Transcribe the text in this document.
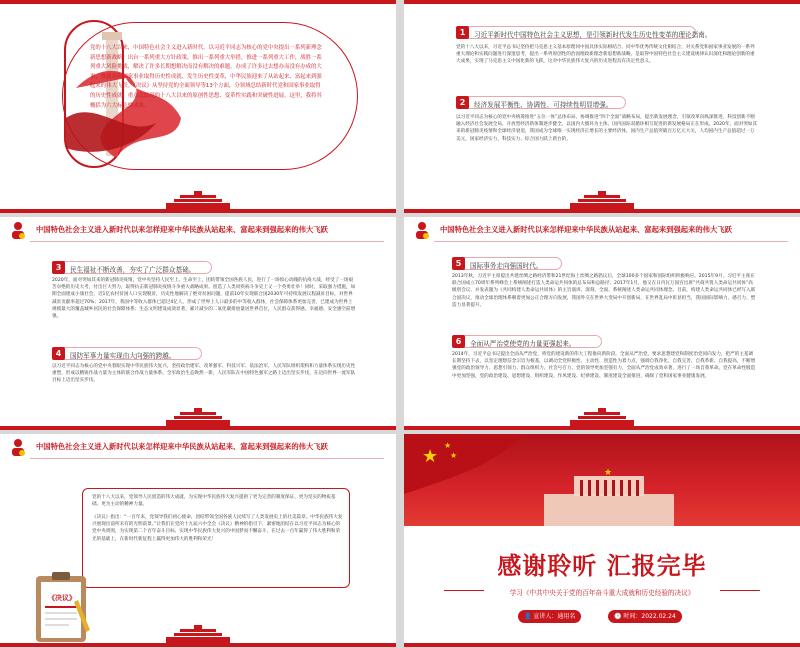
党的十八大以来，中国特色社会主义进入新时代。以习近平同志为核心的党中央提出一系列新理念新思想新战略，出台一系列重大方针政策，推出一系列重大举措，推进一系列重大工作，战胜一系列重大风险挑战，解决了许多长期想解决而没有解决的难题，办成了许多过去想办而没有办成的大事，推动党和国家事业取得历史性成就、发生历史性变革，中华民族迎来了从站起来、富起来到强起来的伟大飞跃。《决议》从坚持党的全面领导等13个方面，分领域总结新时代党和国家事业取得的历史性成就，重点总结党的十八大以来的原创性思想、变革性实践和突破性进展。这里，我将其概括为六大标志性成果。
1	习近平新时代中国特色社会主义思想，是引领新时代发生历史性变革的理论指南。
党的十八大以来，习近平总书记坚持把马克思主义基本原理同中国具体实际相结合、同中华优秀传统文化相结合，对关系党和国家事业发展的一系列重大理论和实践问题进行深邃思考，提出一系列原创性的治国理政新理念新思想新战略，是取得中国特色社会主义建设规律认识深化和理论创新的重大成果，实现了马克思主义中国化新的飞跃，这对中华民族伟大复兴的历史进程具有决定性意义。
2	经济发展平衡性、协调性、可持续性明显增强。
以习近平同志为核心的党中央统筹推进“五位一体”总体布局、协调推进“四个全面”战略布局，提出新发展理念，引领改革向纵深推进，科技创新不断融入经济社会发展全局，开放型经济新体制逐步健全，以国内大循环为主体、国内国际双循环相互促进的新发展格局正在形成。2020年，面对突如其来的新冠肺炎疫情和全球经济衰退，我国成为全球唯一实现经济正增长的主要经济体，国内生产总值突破百万亿元大关，人均国内生产总值超过一万美元，国家经济实力、科技实力、综合国力跃上新台阶。
中国特色社会主义进入新时代以来怎样迎来中华民族从站起来、富起来到强起来的伟大飞跃
3	民生福祉不断改善，夯实了广泛群众基础。
2020年，面对突如其来的新冠肺炎疫情，党中央坚持人民至上、生命至上，团结带领全国各族人民，进行了一场惊心动魄的抗疫大战，经受了一场艰苦卓绝的历史大考，付出巨大努力，取得抗击新冠肺炎疫情斗争重大战略成果。创造了人类同疾病斗争史上又一个英勇壮举！同时，采取强力措施，如期全面建成小康社会，近1亿农村贫困人口实现脱贫，历史性地解决了绝对贫困问题，提前10年实现联合国2030年可持续发展议程减贫目标，对世界减贫贡献率超过70%；2017年，我国中等收入群体已超过4亿人，形成了世界上人口最多的中等收入群体，社会保障体系更加完善，已建成为世界上规模最大的覆盖城乡居民的社会保障体系；生态文明建设成效显著，累计减少的二氧化碳排放量居世界首位，人民群众获得感、幸福感、安全感空前增强。
4	国防军事力量实现由大向强的跨越。
以习近平同志为核心的党中央着眼实现中华民族伟大复兴，坚持政治建军、改革强军、科技兴军、依法治军，人民军队组织架构和力量体系实现历史性重塑，形成以精锐作战力量为主体的联合作战力量体系，全军政治生态焕然一新，人民军队在中国特色强军之路上迈出坚实步伐，在迈向世界一流军队目标上迈出坚实步伐。
中国特色社会主义进入新时代以来怎样迎来中华民族从站起来、富起来到强起来的伟大飞跃
5	国际事务走向强国时代。
2013年秋，习近平主席提出共建丝绸之路经济带和21世纪海上丝绸之路倡议后，全球100多个国家和国际组织积极响应。2015年9月，习近平主席在联合国成立70周年系列峰会上系统阐述打造人类命运共同体的总布局和总路径；2017年1月，他又在日内瓦万国宫出席“共商共筑人类命运共同体”高级别会议，并发表题为《共同构建人类命运共同体》的主旨演讲。深刻、全面、系统阐述人类命运共同体理念。目前，构建人类命运共同体已经写入联合国决议，推动全球治理体系朝着更加公正合理方向发展，我国外交在世界大变局中开创新局，在世界乱局中彰显担当，我国国际影响力、感召力、塑造力显著提升。
6	全面从严治党使党的力量更强起来。
2014年，习近平总书记提出全面从严治党，将党的建设新的伟大工程推向新阶段。全面从严治党，要求思想建党和制度治党同向发力，把严的主基调长期坚持下去，以坚定理想信念宗旨为根基，以调动全党积极性、主动性、创造性为着力点，强调自我净化、自我完善、自我革新、自我提高，不断增强党的政治领导力、思想引领力、群众组织力、社会号召力，党的领导更加坚强有力，全面从严治党成效卓著，进行了一场自我革命。党在革命性锻造中更加坚强，党的政治建设、思想建设、组织建设、作风建设、纪律建设、制度建设全面推进，确保了党和国家事业健康发展。
中国特色社会主义进入新时代以来怎样迎来中华民族从站起来、富起来到强起来的伟大飞跃
党的十八大以来，党领导人民创造的伟大成就，为实现中华民族伟大复兴提供了更为完善的制度保证、更为坚实的物质基础、更为主动的精神力量。
《决议》指出：“一百年来，党领导我们初心使命，团结带领全国各族人民续写了人类发展史上的壮美篇章。中华民族伟大复兴展现出前所未有的光明前景。”让我们在党的十九届六中全会《决议》精神的指引下，紧密地团结在以习近平同志为核心的党中央周围，为实现第二个百年奋斗目标、实现中华民族伟大复兴的中国梦而不懈奋斗，在过去一百年赢得了伟大胜利和荣光的基础上，在新时代新征程上赢得更加伟大的胜利和荣光！
《决议》
★
★
★
★
感谢聆听 汇报完毕
学习《中共中央关于党的百年奋斗重大成就和历史经验的决议》
👤 宣讲人：通用名	🕒 时间：2022.02.24
